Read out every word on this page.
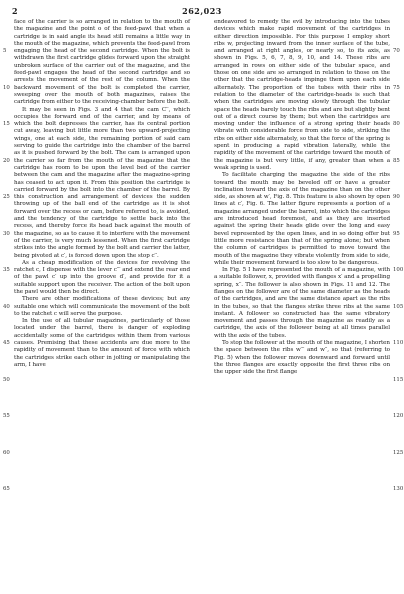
2	262,023
5
10
15
20
25
30
35
40
45
50
55
60
65
70
75
80
85
90
95
100
105
110
115
120
125
130

face of the carrier is so arranged in relation to the mouth of the magazine and the point o of the feed-pawl that when a cartridge is in said angle its head still remains a little way in the mouth of the magazine, which prevents the feed-pawl from engaging the head of the second cartridge. When the bolt is withdrawn the first cartridge glides forward upon the straight unbroken surface of the carrier out of the magazine, and the feed-pawl engages the head of the second cartridge and so arrests the movement of the rest of the column. When the backward movement of the bolt is completed the carrier, sweeping over the mouth of both magazines, raises the cartridge from either to the receiving-chamber before the bolt.

It may be seen in Figs. 3 and 4 that the cam C′′, which occupies the forward end of the carrier, and by means of which the bolt depresses the carrier, has its central portion cut away, leaving but little more than two upward-projecting wings, one at each side, the remaining portion of said cam serving to guide the cartridge into the chamber of the barrel as it is pushed forward by the bolt. The cam is arranged upon the carrier so far from the mouth of the magazine that the cartridge has room to be upon the level bed of the carrier between the cam and the magazine after the magazine-spring has ceased to act upon it. From this position the cartridge is carried forward by the bolt into the chamber of the barrel. By this construction and arrangement of devices the sudden throwing up of the ball end of the cartridge as it is shot forward over the recess or cam, before referred to, is avoided, and the tendency of the cartridge to settle back into the recess, and thereby force its head back against the mouth of the magazine, so as to cause it to interfere with the movement of the carrier, is very much lessened. When the first cartridge strikes into the angle formed by the bolt and carrier the latter, being pivoted at c′, is forced down upon the stop c′′.

As a cheap modification of the devices for revolving the ratchet c, I dispense with the lever c′′′ and extend the rear end of the pawl c′ up into the groove d′, and provide for it a suitable support upon the receiver. The action of the bolt upon the pawl would then be direct.

There are other modifications of these devices; but any suitable one which will communicate the movement of the bolt to the ratchet c will serve the purpose.

In the use of all tubular magazines, particularly of those located under the barrel, there is danger of exploding accidentally some of the cartridges within them from various causes. Premising that these accidents are due more to the rapidity of movement than to the amount of force with which the cartridges strike each other in jolting or manipulating the arm, I have

endeavored to remedy the evil by introducing into the tubes devices which make rapid movement of the cartridges in either direction impossible. For this purpose I employ short ribs w, projecting inward from the inner surface of the tube, and arranged at right angles, or nearly so, to its axis, as shown in Figs. 5, 6, 7, 8, 9, 10, and 14. These ribs are arranged in rows on either side of the tubular space, and those on one side are so arranged in relation to those on the other that the cartridge-heads impinge them upon each side alternately. The proportion of the tubes with their ribs in relation to the diameter of the cartridge-heads is such that when the cartridges are moving slowly through the tubular space the heads barely touch the ribs and are but slightly bent out of a direct course by them; but when the cartridges are moving under the influence of a strong spring their heads vibrate with considerable force from side to side, striking the ribs on either side alternately, so that the force of the spring is spent in producing a rapid vibration laterally, while the rapidity of the movement of the cartridge toward the mouth of the magazine is but very little, if any, greater than when a weak spring is used.

To facilitate charging the magazine the side of the ribs toward the mouth may be beveled off or have a greater inclination toward the axis of the magazine than on the other side, as shown at w′, Fig. 8. This feature is also shown by open lines at c′, Fig. 6. The latter figure represents a portion of a magazine arranged under the barrel, into which the cartridges are introduced head foremost, and as they are inserted against the spring their heads glide over the long and easy bevel represented by the open lines, and in so doing offer but little more resistance than that of the spring alone; but when the column of cartridges is permitted to move toward the mouth of the magazine they vibrate violently from side to side, while their movement forward is too slow to be dangerous.

In Fig. 5 I have represented the mouth of a magazine, with a suitable follower, x, provided with flanges x′ and a propelling spring, x′′. The follower is also shown in Figs. 11 and 12. The flanges on the follower are of the same diameter as the heads of the cartridges, and are the same distance apart as the ribs in the tubes, so that the flanges strike three ribs at the same instant. A follower so constructed has the same vibratory movement and passes through the magazine as readily as a cartridge, the axis of the follower being at all times parallel with the axis of the tubes.

To stop the follower at the mouth of the magazine, I shorten the space between the ribs w′′′ and w′′, so that (referring to Fig. 5) when the follower moves downward and forward until the three flanges are exactly opposite the first three ribs on the upper side the first flange
